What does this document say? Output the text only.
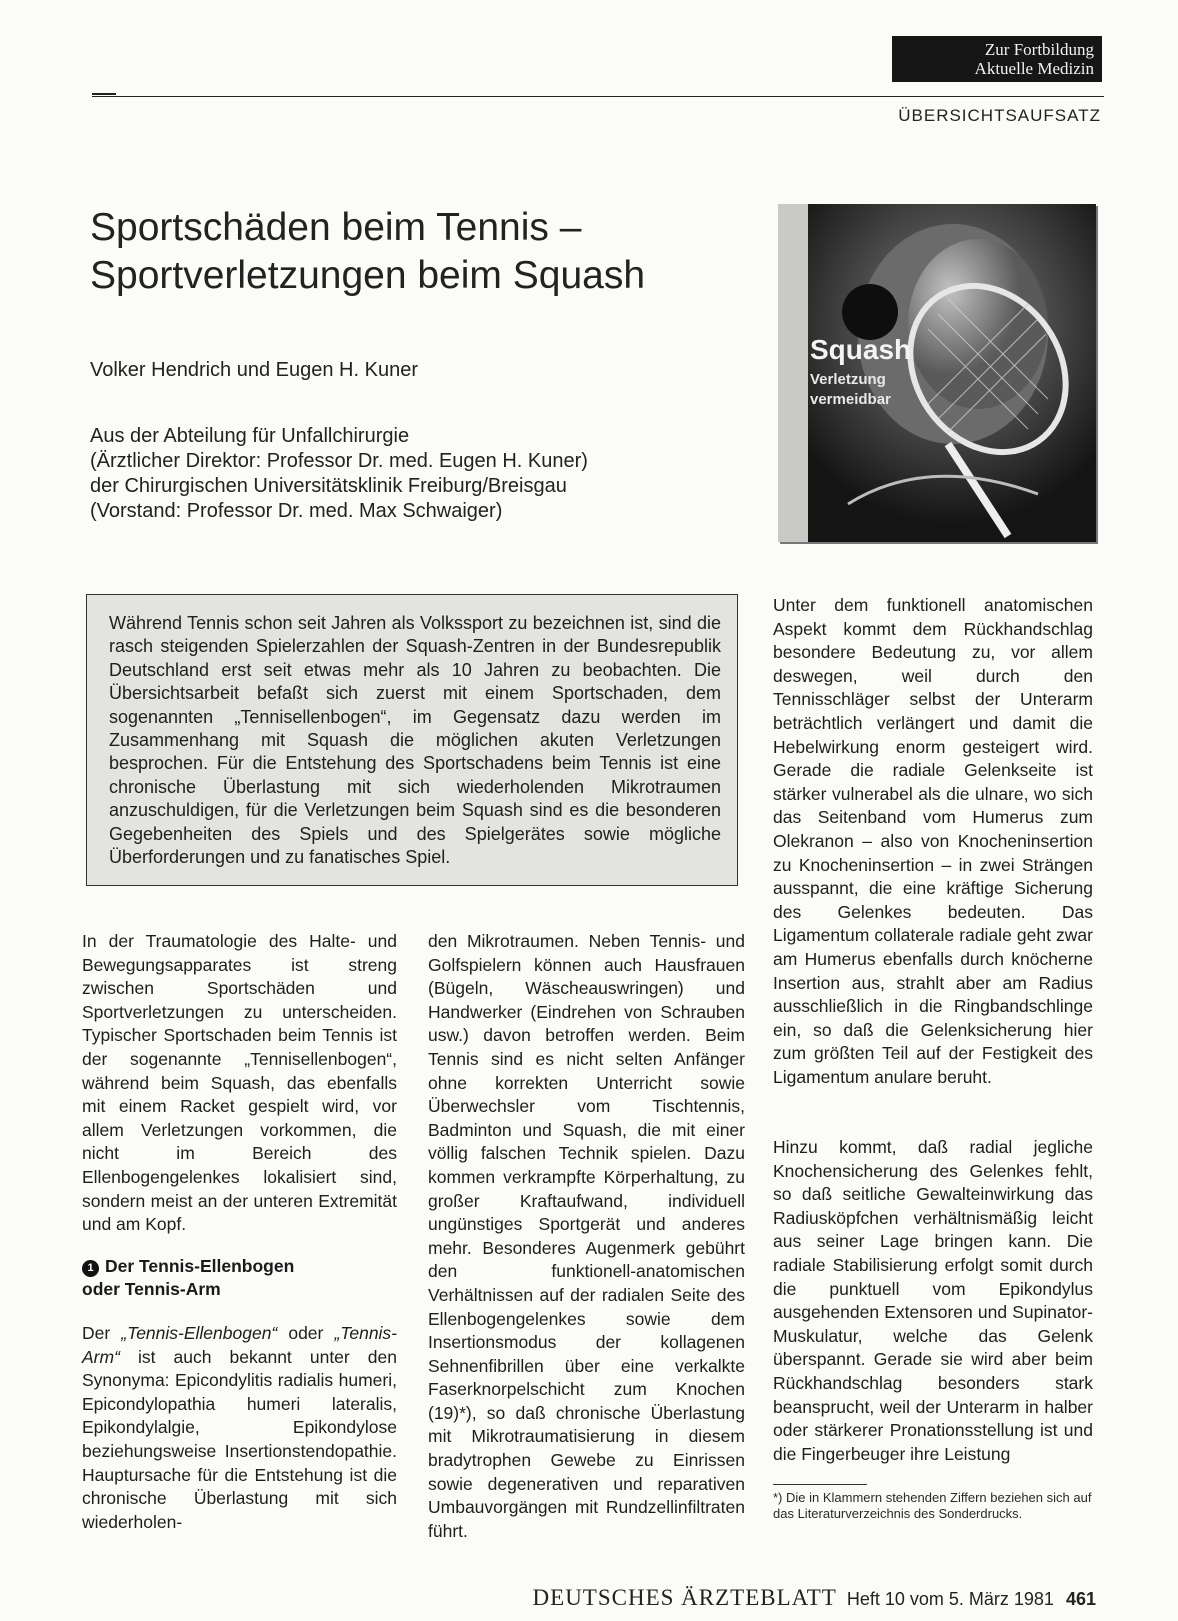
Zur Fortbildung
Aktuelle Medizin
ÜBERSICHTSAUFSATZ
Sportschäden beim Tennis –
Sportverletzungen beim Squash
Volker Hendrich und Eugen H. Kuner
Aus der Abteilung für Unfallchirurgie
(Ärztlicher Direktor: Professor Dr. med. Eugen H. Kuner)
der Chirurgischen Universitätsklinik Freiburg/Breisgau
(Vorstand: Professor Dr. med. Max Schwaiger)
Squash
Verletzung
vermeidbar
Während Tennis schon seit Jahren als Volkssport zu bezeichnen ist, sind die rasch steigenden Spielerzahlen der Squash-Zentren in der Bundesrepublik Deutschland erst seit etwas mehr als 10 Jahren zu beobachten. Die Übersichtsarbeit befaßt sich zuerst mit einem Sportschaden, dem sogenannten „Tennisellenbogen“, im Gegensatz dazu werden im Zusammenhang mit Squash die möglichen akuten Verletzungen besprochen. Für die Entstehung des Sportschadens beim Tennis ist eine chronische Überlastung mit sich wiederholenden Mikrotraumen anzuschuldigen, für die Verletzungen beim Squash sind es die besonderen Gegebenheiten des Spiels und des Spielgerätes sowie mögliche Überforderungen und zu fanatisches Spiel.

In der Traumatologie des Halte- und Bewegungsapparates ist streng zwischen Sportschäden und Sportverletzungen zu unterscheiden. Typischer Sportschaden beim Tennis ist der sogenannte „Tennisellenbogen“, während beim Squash, das ebenfalls mit einem Racket gespielt wird, vor allem Verletzungen vorkommen, die nicht im Bereich des Ellenbogengelenkes lokalisiert sind, sondern meist an der unteren Extremität und am Kopf.

1 Der Tennis-Ellenbogen
oder Tennis-Arm

Der „Tennis-Ellenbogen“ oder „Tennis-Arm“ ist auch bekannt unter den Synonyma: Epicondylitis radialis humeri, Epicondylopathia humeri lateralis, Epikondylalgie, Epikondylose beziehungsweise Insertionstendopathie. Hauptursache für die Entstehung ist die chronische Überlastung mit sich wiederholen-

den Mikrotraumen. Neben Tennis- und Golfspielern können auch Hausfrauen (Bügeln, Wäscheauswringen) und Handwerker (Eindrehen von Schrauben usw.) davon betroffen werden. Beim Tennis sind es nicht selten Anfänger ohne korrekten Unterricht sowie Überwechsler vom Tischtennis, Badminton und Squash, die mit einer völlig falschen Technik spielen. Dazu kommen verkrampfte Körperhaltung, zu großer Kraftaufwand, individuell ungünstiges Sportgerät und anderes mehr. Besonderes Augenmerk gebührt den funktionell-anatomischen Verhältnissen auf der radialen Seite des Ellenbogengelenkes sowie dem Insertionsmodus der kollagenen Sehnenfibrillen über eine verkalkte Faserknorpelschicht zum Knochen (19)*), so daß chronische Überlastung mit Mikrotraumatisierung in diesem bradytrophen Gewebe zu Einrissen sowie degenerativen und reparativen Umbauvorgängen mit Rundzellinfiltraten führt.

Unter dem funktionell anatomischen Aspekt kommt dem Rückhandschlag besondere Bedeutung zu, vor allem deswegen, weil durch den Tennisschläger selbst der Unterarm beträchtlich verlängert und damit die Hebelwirkung enorm gesteigert wird. Gerade die radiale Gelenkseite ist stärker vulnerabel als die ulnare, wo sich das Seitenband vom Humerus zum Olekranon – also von Knocheninsertion zu Knocheninsertion – in zwei Strängen ausspannt, die eine kräftige Sicherung des Gelenkes bedeuten. Das Ligamentum collaterale radiale geht zwar am Humerus ebenfalls durch knöcherne Insertion aus, strahlt aber am Radius ausschließlich in die Ringbandschlinge ein, so daß die Gelenksicherung hier zum größten Teil auf der Festigkeit des Ligamentum anulare beruht.

Hinzu kommt, daß radial jegliche Knochensicherung des Gelenkes fehlt, so daß seitliche Gewalteinwirkung das Radiusköpfchen verhältnismäßig leicht aus seiner Lage bringen kann. Die radiale Stabilisierung erfolgt somit durch die punktuell vom Epikondylus ausgehenden Extensoren und Supinator-Muskulatur, welche das Gelenk überspannt. Gerade sie wird aber beim Rückhandschlag besonders stark beansprucht, weil der Unterarm in halber oder stärkerer Pronationsstellung ist und die Fingerbeuger ihre Leistung

*) Die in Klammern stehenden Ziffern beziehen sich auf das Literaturverzeichnis des Sonderdrucks.
DEUTSCHES ÄRZTEBLATT Heft 10 vom 5. März 1981 461
